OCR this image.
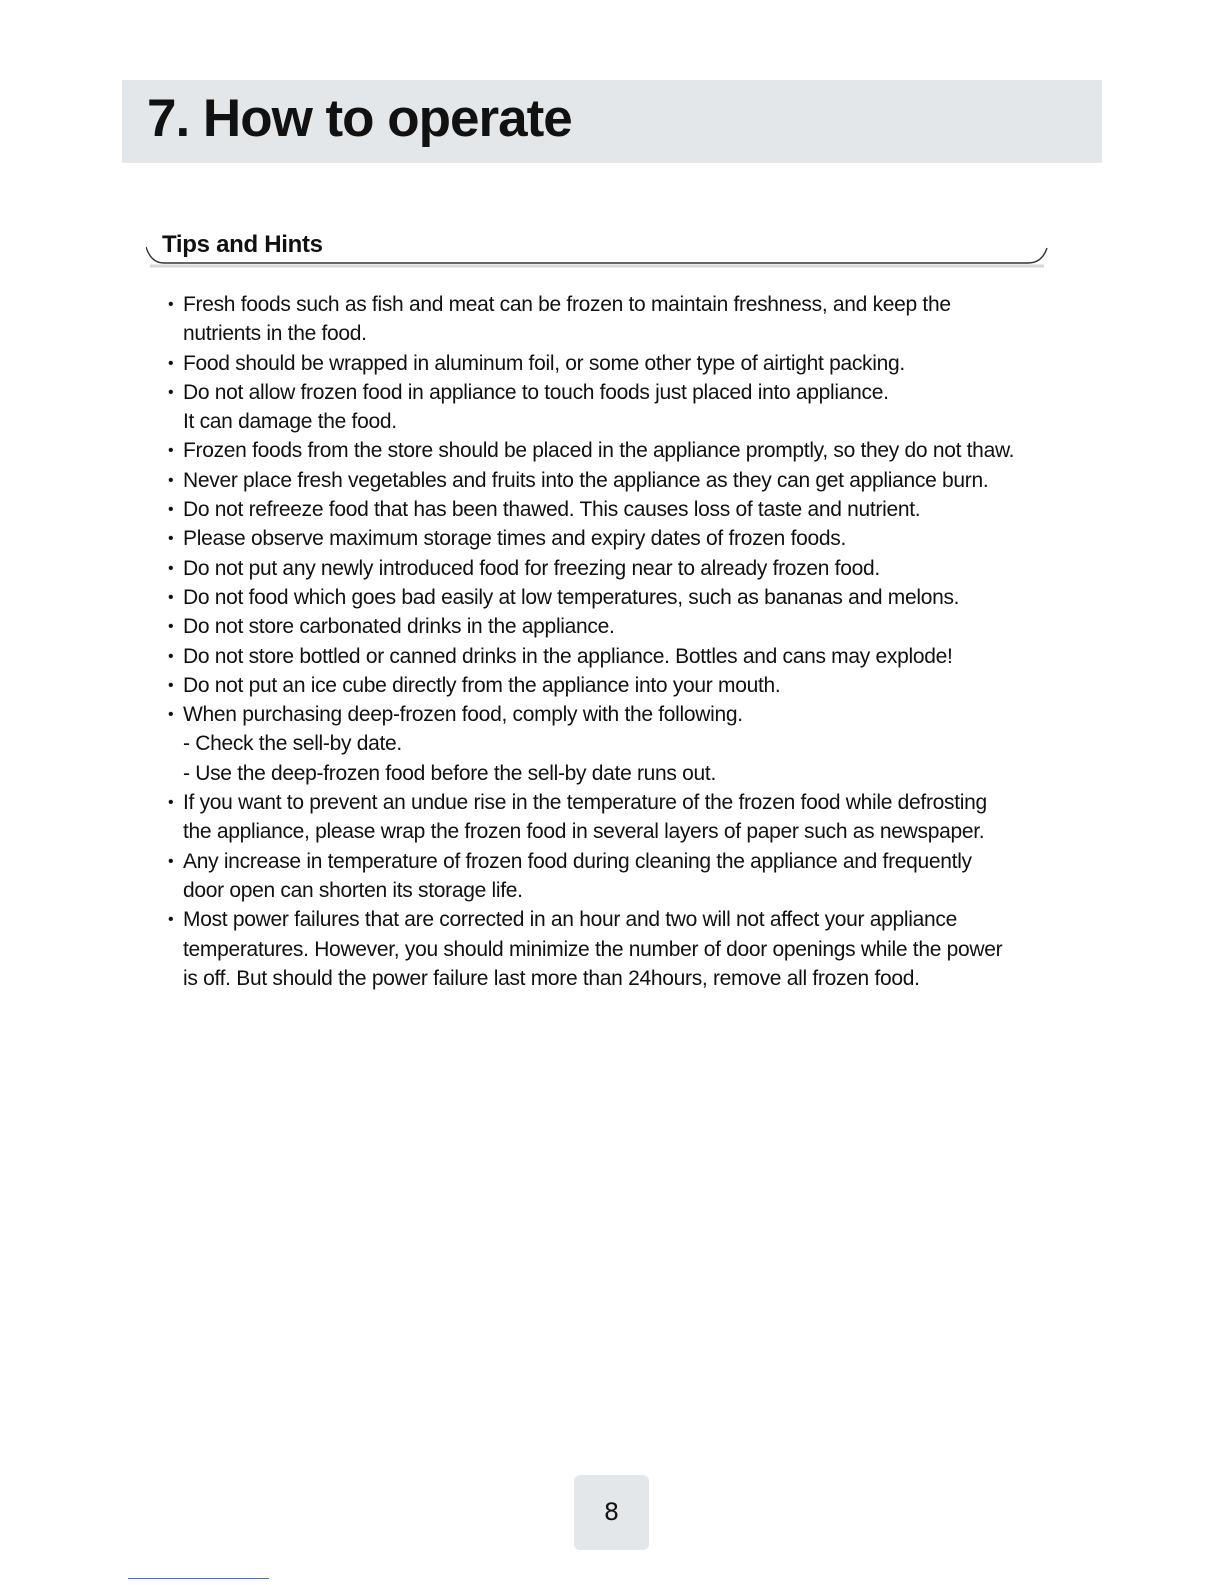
7. How to operate
Tips and Hints
• Fresh foods such as fish and meat can be frozen to maintain freshness, and keep the
nutrients in the food.
• Food should be wrapped in aluminum foil, or some other type of airtight packing.
• Do not allow frozen food in appliance to touch foods just placed into appliance.
It can damage the food.
• Frozen foods from the store should be placed in the appliance promptly, so they do not thaw.
• Never place fresh vegetables and fruits into the appliance as they can get appliance burn.
• Do not refreeze food that has been thawed. This causes loss of taste and nutrient.
• Please observe maximum storage times and expiry dates of frozen foods.
• Do not put any newly introduced food for freezing near to already frozen food.
• Do not food which goes bad easily at low temperatures, such as bananas and melons.
• Do not store carbonated drinks in the appliance.
• Do not store bottled or canned drinks in the appliance. Bottles and cans may explode!
• Do not put an ice cube directly from the appliance into your mouth.
• When purchasing deep-frozen food, comply with the following.
- Check the sell-by date.
- Use the deep-frozen food before the sell-by date runs out.
• If you want to prevent an undue rise in the temperature of the frozen food while defrosting
the appliance, please wrap the frozen food in several layers of paper such as newspaper.
• Any increase in temperature of frozen food during cleaning the appliance and frequently
door open can shorten its storage life.
• Most power failures that are corrected in an hour and two will not affect your appliance
temperatures. However, you should minimize the number of door openings while the power
is off. But should the power failure last more than 24hours, remove all frozen food.
8
